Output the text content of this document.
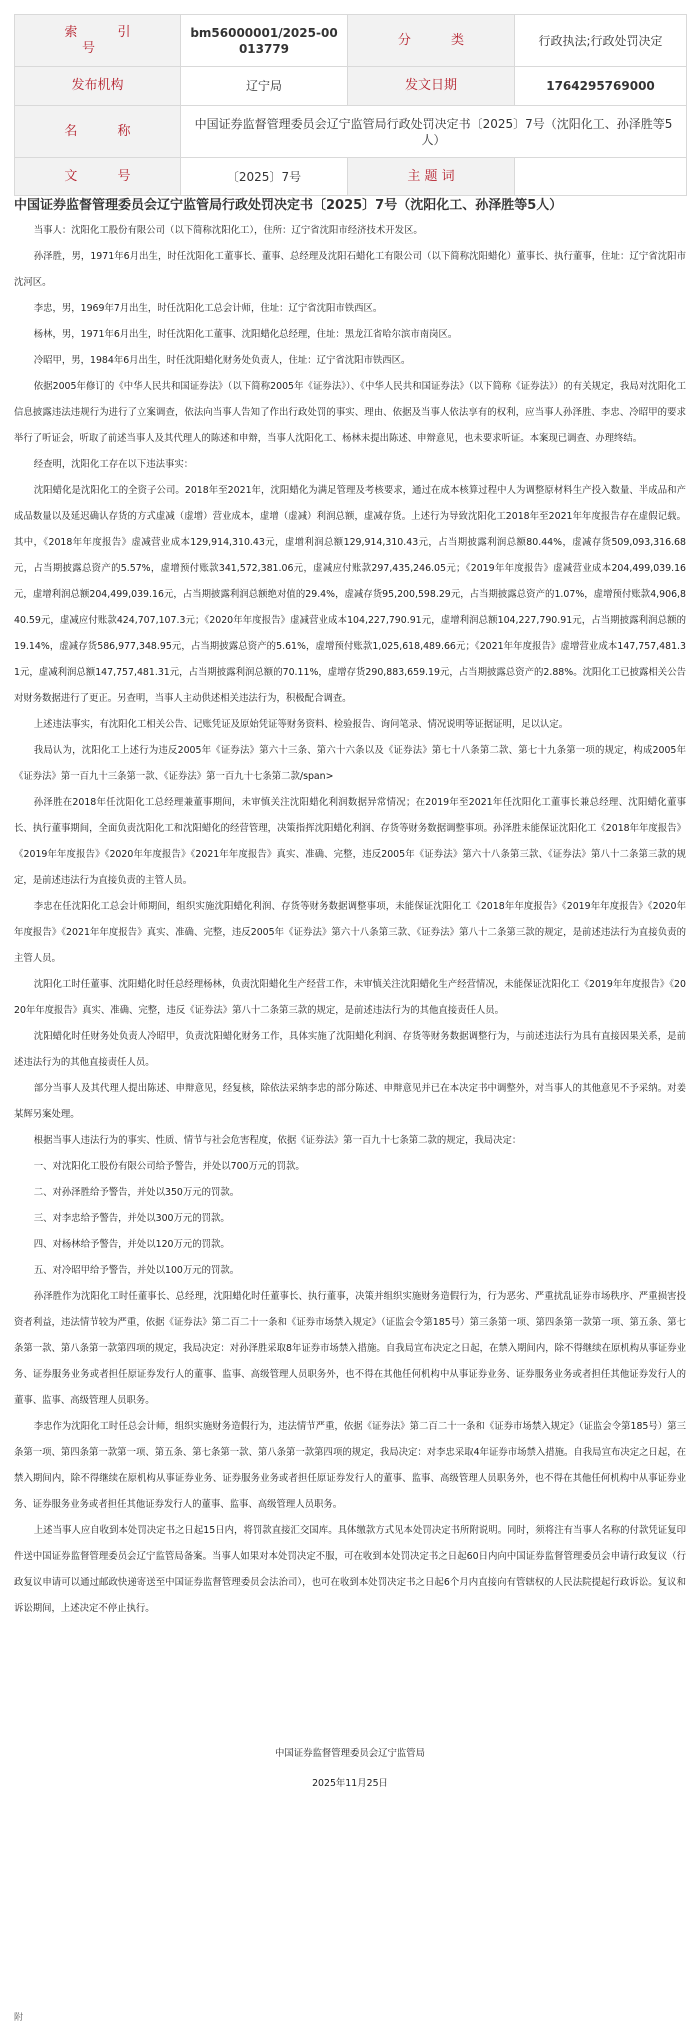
索 引 号	bm56000001/2025-00013779	分 类	行政执法;行政处罚决定
发布机构	辽宁局	发文日期	1764295769000
名 称	中国证券监督管理委员会辽宁监管局行政处罚决定书〔2025〕7号（沈阳化工、孙泽胜等5人）		
文 号	〔2025〕7号	主 题 词	
中国证券监督管理委员会辽宁监管局行政处罚决定书〔2025〕7号（沈阳化工、孙泽胜等5人）

当事人：沈阳化工股份有限公司（以下简称沈阳化工），住所：辽宁省沈阳市经济技术开发区。

孙泽胜，男，1971年6月出生，时任沈阳化工董事长、董事、总经理及沈阳石蜡化工有限公司（以下简称沈阳蜡化）董事长、执行董事，住址：辽宁省沈阳市沈河区。

李忠，男，1969年7月出生，时任沈阳化工总会计师，住址：辽宁省沈阳市铁西区。

杨林，男，1971年6月出生，时任沈阳化工董事、沈阳蜡化总经理，住址：黑龙江省哈尔滨市南岗区。

冷昭甲，男，1984年6月出生，时任沈阳蜡化财务处负责人，住址：辽宁省沈阳市铁西区。

依据2005年修订的《中华人民共和国证券法》（以下简称2005年《证券法》）、《中华人民共和国证券法》（以下简称《证券法》）的有关规定，我局对沈阳化工信息披露违法违规行为进行了立案调查，依法向当事人告知了作出行政处罚的事实、理由、依据及当事人依法享有的权利，应当事人孙泽胜、李忠、冷昭甲的要求举行了听证会，听取了前述当事人及其代理人的陈述和申辩，当事人沈阳化工、杨林未提出陈述、申辩意见，也未要求听证。本案现已调查、办理终结。

经查明，沈阳化工存在以下违法事实：

沈阳蜡化是沈阳化工的全资子公司。2018年至2021年，沈阳蜡化为满足管理及考核要求，通过在成本核算过程中人为调整原材料生产投入数量、半成品和产成品数量以及延迟确认存货的方式虚减（虚增）营业成本，虚增（虚减）利润总额，虚减存货。上述行为导致沈阳化工2018年至2021年年度报告存在虚假记载。其中，《2018年年度报告》虚减营业成本129,914,310.43元，虚增利润总额129,914,310.43元，占当期披露利润总额80.44%，虚减存货509,093,316.68元，占当期披露总资产的5.57%，虚增预付账款341,572,381.06元，虚减应付账款297,435,246.05元；《2019年年度报告》虚减营业成本204,499,039.16元，虚增利润总额204,499,039.16元，占当期披露利润总额绝对值的29.4%，虚减存货95,200,598.29元，占当期披露总资产的1.07%，虚增预付账款4,906,840.59元，虚减应付账款424,707,107.3元；《2020年年度报告》虚减营业成本104,227,790.91元，虚增利润总额104,227,790.91元，占当期披露利润总额的19.14%，虚减存货586,977,348.95元，占当期披露总资产的5.61%，虚增预付账款1,025,618,489.66元；《2021年年度报告》虚增营业成本147,757,481.31元，虚减利润总额147,757,481.31元，占当期披露利润总额的70.11%，虚增存货290,883,659.19元，占当期披露总资产的2.88%。沈阳化工已披露相关公告对财务数据进行了更正。另查明，当事人主动供述相关违法行为，积极配合调查。

上述违法事实，有沈阳化工相关公告、记账凭证及原始凭证等财务资料、检验报告、询问笔录、情况说明等证据证明，足以认定。

我局认为，沈阳化工上述行为违反2005年《证券法》第六十三条、第六十六条以及《证券法》第七十八条第二款、第七十九条第一项的规定，构成2005年《证券法》第一百九十三条第一款、《证券法》第一百九十七条第二款/span>

孙泽胜在2018年任沈阳化工总经理兼董事期间，未审慎关注沈阳蜡化利润数据异常情况；在2019年至2021年任沈阳化工董事长兼总经理、沈阳蜡化董事长、执行董事期间，全面负责沈阳化工和沈阳蜡化的经营管理，决策指挥沈阳蜡化利润、存货等财务数据调整事项。孙泽胜未能保证沈阳化工《2018年年度报告》《2019年年度报告》《2020年年度报告》《2021年年度报告》真实、准确、完整，违反2005年《证券法》第六十八条第三款、《证券法》第八十二条第三款的规定，是前述违法行为直接负责的主管人员。

李忠在任沈阳化工总会计师期间，组织实施沈阳蜡化利润、存货等财务数据调整事项，未能保证沈阳化工《2018年年度报告》《2019年年度报告》《2020年年度报告》《2021年年度报告》真实、准确、完整，违反2005年《证券法》第六十八条第三款、《证券法》第八十二条第三款的规定，是前述违法行为直接负责的主管人员。

沈阳化工时任董事、沈阳蜡化时任总经理杨林，负责沈阳蜡化生产经营工作，未审慎关注沈阳蜡化生产经营情况，未能保证沈阳化工《2019年年度报告》《2020年年度报告》真实、准确、完整，违反《证券法》第八十二条第三款的规定，是前述违法行为的其他直接责任人员。

沈阳蜡化时任财务处负责人冷昭甲，负责沈阳蜡化财务工作，具体实施了沈阳蜡化利润、存货等财务数据调整行为，与前述违法行为具有直接因果关系，是前述违法行为的其他直接责任人员。

部分当事人及其代理人提出陈述、申辩意见，经复核，除依法采纳李忠的部分陈述、申辩意见并已在本决定书中调整外，对当事人的其他意见不予采纳。对姜某辉另案处理。

根据当事人违法行为的事实、性质、情节与社会危害程度，依据《证券法》第一百九十七条第二款的规定，我局决定：

一、对沈阳化工股份有限公司给予警告，并处以700万元的罚款。

二、对孙泽胜给予警告，并处以350万元的罚款。

三、对李忠给予警告，并处以300万元的罚款。

四、对杨林给予警告，并处以120万元的罚款。

五、对冷昭甲给予警告，并处以100万元的罚款。

孙泽胜作为沈阳化工时任董事长、总经理，沈阳蜡化时任董事长、执行董事，决策并组织实施财务造假行为，行为恶劣、严重扰乱证券市场秩序、严重损害投资者利益，违法情节较为严重，依据《证券法》第二百二十一条和《证券市场禁入规定》（证监会令第185号）第三条第一项、第四条第一款第一项、第五条、第七条第一款、第八条第一款第四项的规定，我局决定：对孙泽胜采取8年证券市场禁入措施。自我局宣布决定之日起，在禁入期间内，除不得继续在原机构从事证券业务、证券服务业务或者担任原证券发行人的董事、监事、高级管理人员职务外，也不得在其他任何机构中从事证券业务、证券服务业务或者担任其他证券发行人的董事、监事、高级管理人员职务。

李忠作为沈阳化工时任总会计师，组织实施财务造假行为，违法情节严重，依据《证券法》第二百二十一条和《证券市场禁入规定》（证监会令第185号）第三条第一项、第四条第一款第一项、第五条、第七条第一款、第八条第一款第四项的规定，我局决定：对李忠采取4年证券市场禁入措施。自我局宣布决定之日起，在禁入期间内，除不得继续在原机构从事证券业务、证券服务业务或者担任原证券发行人的董事、监事、高级管理人员职务外，也不得在其他任何机构中从事证券业务、证券服务业务或者担任其他证券发行人的董事、监事、高级管理人员职务。

上述当事人应自收到本处罚决定书之日起15日内，将罚款直接汇交国库。具体缴款方式见本处罚决定书所附说明。同时，须将注有当事人名称的付款凭证复印件送中国证券监督管理委员会辽宁监管局备案。当事人如果对本处罚决定不服，可在收到本处罚决定书之日起60日内向中国证券监督管理委员会申请行政复议（行政复议申请可以通过邮政快递寄送至中国证券监督管理委员会法治司），也可在收到本处罚决定书之日起6个月内直接向有管辖权的人民法院提起行政诉讼。复议和诉讼期间，上述决定不停止执行。

中国证券监督管理委员会辽宁监管局
2025年11月25日
附
